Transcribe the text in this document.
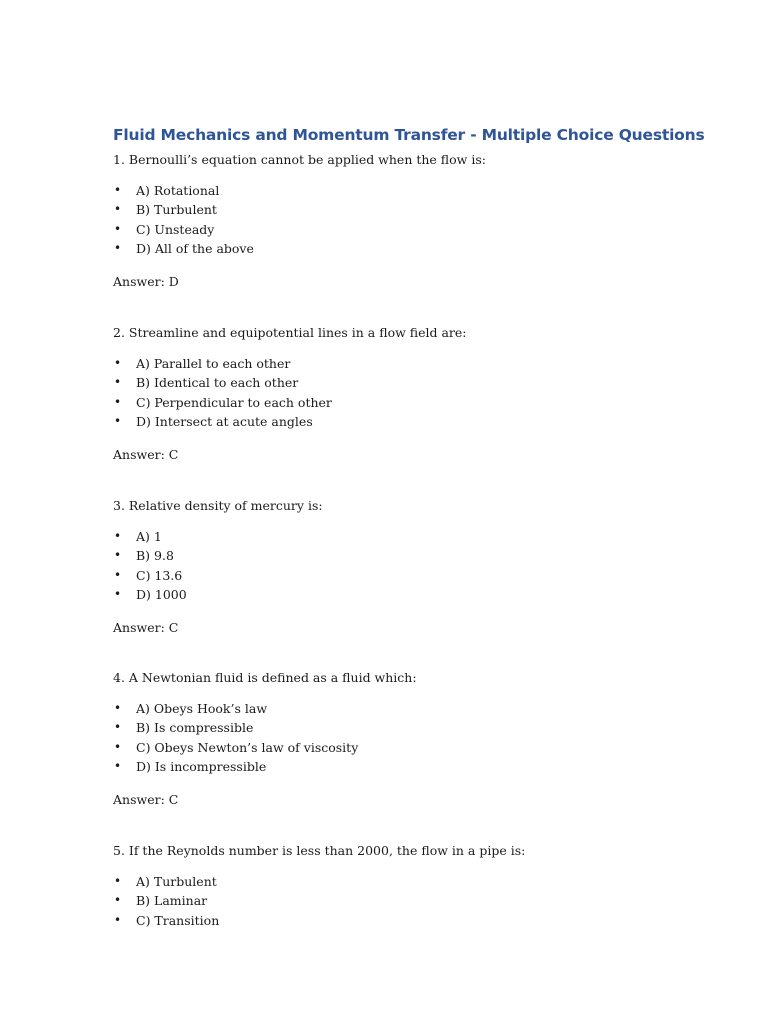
Fluid Mechanics and Momentum Transfer - Multiple Choice Questions

1. Bernoulli’s equation cannot be applied when the flow is:

• A) Rotational
• B) Turbulent
• C) Unsteady
• D) All of the above

Answer: D

2. Streamline and equipotential lines in a flow field are:

• A) Parallel to each other
• B) Identical to each other
• C) Perpendicular to each other
• D) Intersect at acute angles

Answer: C

3. Relative density of mercury is:

• A) 1
• B) 9.8
• C) 13.6
• D) 1000

Answer: C

4. A Newtonian fluid is defined as a fluid which:

• A) Obeys Hook’s law
• B) Is compressible
• C) Obeys Newton’s law of viscosity
• D) Is incompressible

Answer: C

5. If the Reynolds number is less than 2000, the flow in a pipe is:

• A) Turbulent
• B) Laminar
• C) Transition
